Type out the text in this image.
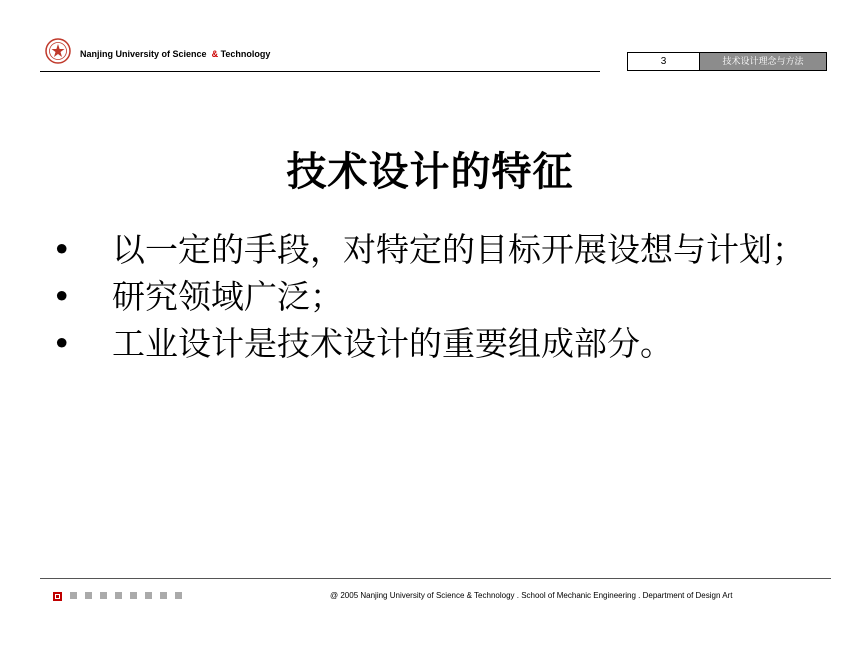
Nanjing University of Science & Technology
3	技术设计理念与方法
技术设计的特征
•	以一定的手段，对特定的目标开展设想与计划；
•	研究领域广泛；
•	工业设计是技术设计的重要组成部分。
@ 2005 Nanjing University of Science & Technology . School of Mechanic Engineering . Department of Design Art
